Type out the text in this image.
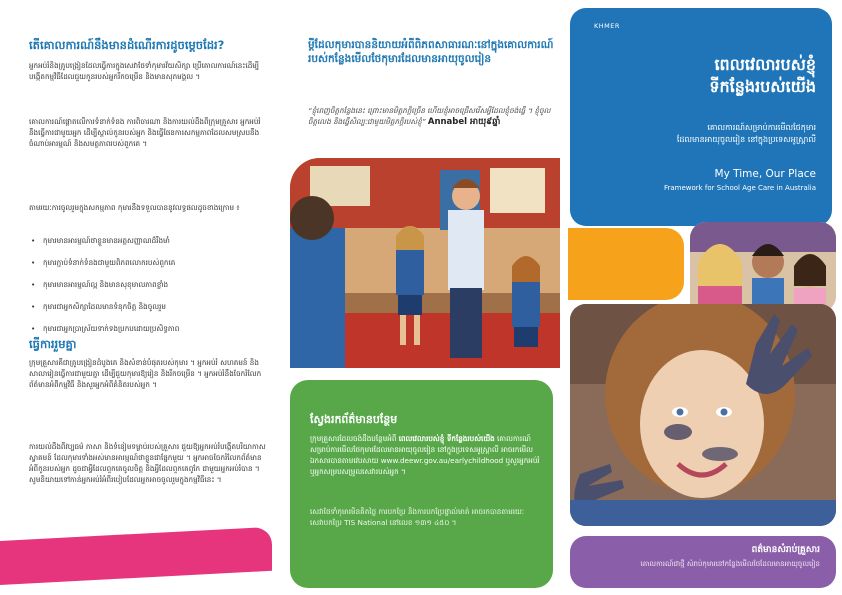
តើគោលការណ៍នឹងមានដំណើរការដូចម្តេចដែរ?

អ្នកអប់រំនិងគ្រូបង្រៀនដែលធ្វើការក្នុងសេវាថែទាំកុមារវ័យសិក្សា ប្រើគោលការណ៍នេះដើម្បីបង្កើតកម្មវិធីដែលជួយកូនរបស់អ្នករីកចម្រើន និងមានសុភមង្គល ។

គោលការណ៍ផ្ដោតលើការទំនាក់ទំនង ការពិចារណា និងការយល់ដឹងពីក្រុមគ្រួសារ អ្នកអប់រំនឹងធ្វើការជាមួយអ្នក ដើម្បីស្គាល់កូនរបស់អ្នក និងធ្វើផែនការសកម្មភាពដែលសមស្របនឹងចំណាប់អារម្មណ៍ និងសមត្ថភាពរបស់ពួកគេ ។

តាមរយៈការចូលរួមក្នុងសកម្មភាព កុមារនឹងទទួលបាននូវលទ្ធផលដូចខាងក្រោម ៖

• កុមារមានអារម្មណ៍ថាខ្លួនមានអត្តសញ្ញាណដ៏រឹងមាំ
• កុមារភ្ជាប់ទំនាក់ទំនងជាមួយពិភពលោករបស់ពួកគេ
• កុមារមានអារម្មណ៍ល្អ និងមានសុខុមាលភាពខ្លាំង
• កុមារជាអ្នកសិក្សាដែលមានទំនុកចិត្ត និងចូលរួម
• កុមារជាអ្នកប្រាស្រ័យទាក់ទងប្រកបដោយប្រសិទ្ធភាព
ធ្វើការរួមគ្នា

ក្រុមគ្រួសារគឺជាគ្រូបង្រៀនដំបូងគេ និងសំខាន់បំផុតរបស់កុមារ ។ អ្នកអប់រំ សហគមន៍ និងសាលារៀនធ្វើការជាមួយគ្នា ដើម្បីជួយកុមារឱ្យរៀន និងរីកចម្រើន ។ អ្នកអប់រំនឹងចែករំលែកព័ត៌មានអំពីកម្មវិធី និងសួរអ្នកអំពីគំនិតរបស់អ្នក ។

ការយល់ដឹងពីវប្បធម៌ ភាសា និងទំនៀមទម្លាប់របស់គ្រួសារ ជួយឱ្យអ្នកអប់រំបង្កើតបរិយាកាសស្វាគមន៍ ដែលកុមារទាំងអស់មានអារម្មណ៍ថាខ្លួនជាផ្នែកមួយ ។ អ្នកអាចចែករំលែកព័ត៌មានអំពីកូនរបស់អ្នក ដូចជាអ្វីដែលពួកគេចូលចិត្ត និងអ្វីដែលពួកគេពូកែ ជាមួយអ្នកអប់រំបាន ។ សូមនិយាយទៅកាន់អ្នកអប់រំអំពីរបៀបដែលអ្នកអាចចូលរួមក្នុងកម្មវិធីនេះ ។

ម្ដីដែលកុមារបាននិយាយអំពីពិភពសាធារណៈនៅក្នុងគោលការណ៍របស់កន្លែងមើលថែកុមារដែលមានអាយុចូលរៀន

“ខ្ញុំពេញចិត្តកន្លែងនេះ ព្រោះមានមិត្តភក្តិច្រើន ហើយខ្ញុំអាចជ្រើសរើសអ្វីដែលខ្ញុំចង់ធ្វើ ។ ខ្ញុំចូលចិត្តលេង និងធ្វើសិល្បៈជាមួយមិត្តភក្តិរបស់ខ្ញុំ” Annabel អាយុ៩ឆ្នាំ

ស្វែងរកព័ត៌មានបន្ថែម

ក្រុមគ្រួសារដែលចង់ដឹងបន្ថែមអំពី ពេលវេលារបស់ខ្ញុំ ទីកន្លែងរបស់យើង គោលការណ៍សម្រាប់ការមើលថែកុមារដែលមានអាយុចូលរៀន នៅក្នុងប្រទេសអូស្ត្រាលី អាចរកមើលឯកសារបានតាមវេបសាយ www.deewr.gov.au/earlychildhood ឬសួរអ្នកអប់រំ ឬអ្នកសម្របសម្រួលសេវារបស់អ្នក ។

សេវាថែទាំកុមារមិនគិតថ្លៃ ការបកប្រែ និងការបកប្រែផ្ទាល់មាត់ អាចរកបានតាមរយៈសេវាបកប្រែ TIS National នៅលេខ ១៣១ ៤៥០ ។

KHMER
ពេលវេលារបស់ខ្ញុំ
ទីកន្លែងរបស់យើង
គោលការណ៍សម្រាប់ការមើលថែកុមារ
ដែលមានអាយុចូលរៀន នៅក្នុងប្រទេសអូស្ត្រាលី
My Time, Our Place
Framework for School Age Care in Australia
ពត៌មានសំរាប់គ្រួសារ
គោលការណ៍ជាថ្មី សំរាប់កុមារនៅកន្លែងមើលថែដែលមានអាយុចូលរៀន
